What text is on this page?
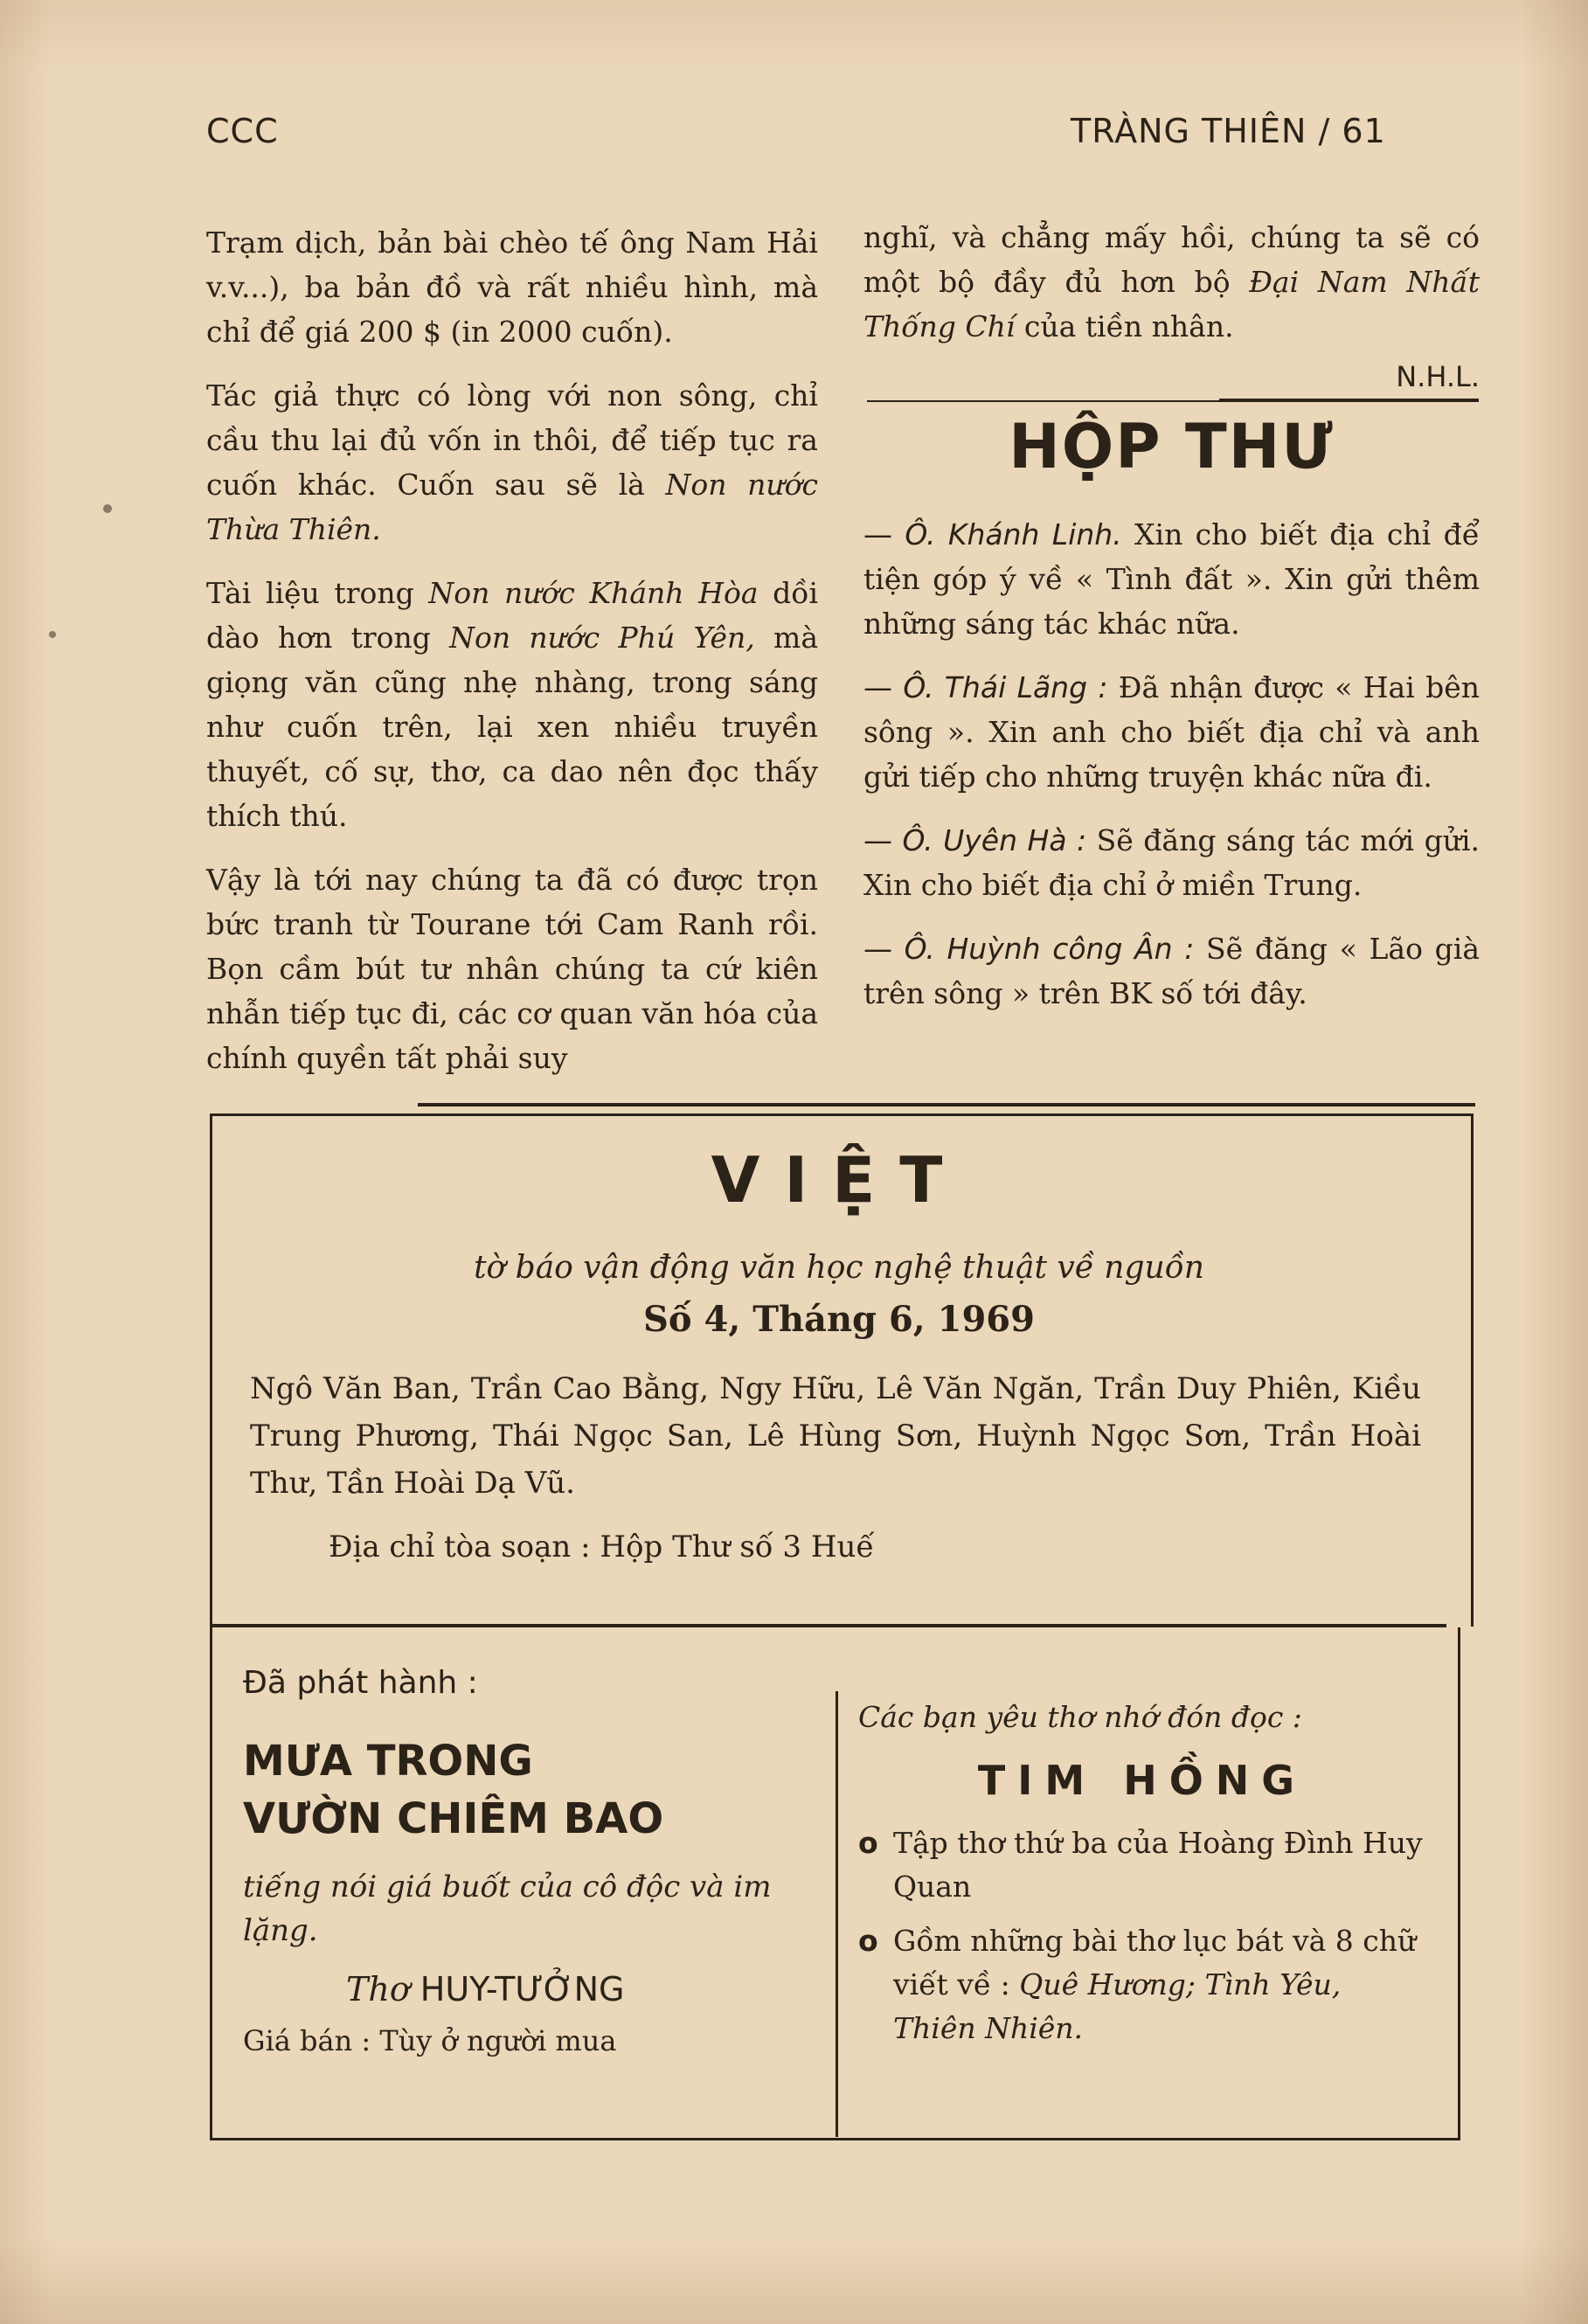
CCC	TRÀNG THIÊN / 61

Trạm dịch, bản bài chèo tế ông Nam Hải v.v...), ba bản đồ và rất nhiều hình, mà chỉ để giá 200 $ (in 2000 cuốn).

Tác giả thực có lòng với non sông, chỉ cầu thu lại đủ vốn in thôi, để tiếp tục ra cuốn khác. Cuốn sau sẽ là Non nước Thừa Thiên.

Tài liệu trong Non nước Khánh Hòa dồi dào hơn trong Non nước Phú Yên, mà giọng văn cũng nhẹ nhàng, trong sáng như cuốn trên, lại xen nhiều truyền thuyết, cố sự, thơ, ca dao nên đọc thấy thích thú.

Vậy là tới nay chúng ta đã có được trọn bức tranh từ Tourane tới Cam Ranh rồi. Bọn cầm bút tư nhân chúng ta cứ kiên nhẫn tiếp tục đi, các cơ quan văn hóa của chính quyền tất phải suy

nghĩ, và chẳng mấy hồi, chúng ta sẽ có một bộ đầy đủ hơn bộ Đại Nam Nhất Thống Chí của tiền nhân.

N.H.L.
HỘP THƯ

— Ô. Khánh Linh. Xin cho biết địa chỉ để tiện góp ý về « Tình đất ». Xin gửi thêm những sáng tác khác nữa.

— Ô. Thái Lãng : Đã nhận được « Hai bên sông ». Xin anh cho biết địa chỉ và anh gửi tiếp cho những truyện khác nữa đi.

— Ô. Uyên Hà : Sẽ đăng sáng tác mới gửi. Xin cho biết địa chỉ ở miền Trung.

— Ô. Huỳnh công Ân : Sẽ đăng « Lão già trên sông » trên BK số tới đây.

VIỆT
tờ báo vận động văn học nghệ thuật về nguồn
Số 4, Tháng 6, 1969
Ngô Văn Ban, Trần Cao Bằng, Ngy Hữu, Lê Văn Ngăn, Trần Duy Phiên, Kiều Trung Phương, Thái Ngọc San, Lê Hùng Sơn, Huỳnh Ngọc Sơn, Trần Hoài Thư, Tần Hoài Dạ Vũ.
Địa chỉ tòa soạn : Hộp Thư số 3 Huế
Đã phát hành :
MƯA TRONG
VƯỜN CHIÊM BAO
tiếng nói giá buốt của cô độc và im lặng.
Thơ HUY-TƯỞNG
Giá bán : Tùy ở người mua
Các bạn yêu thơ nhớ đón đọc :
TIM HỒNG
o Tập thơ thứ ba của Hoàng Đình Huy Quan
o Gồm những bài thơ lục bát và 8 chữ viết về : Quê Hương; Tình Yêu, Thiên Nhiên.
